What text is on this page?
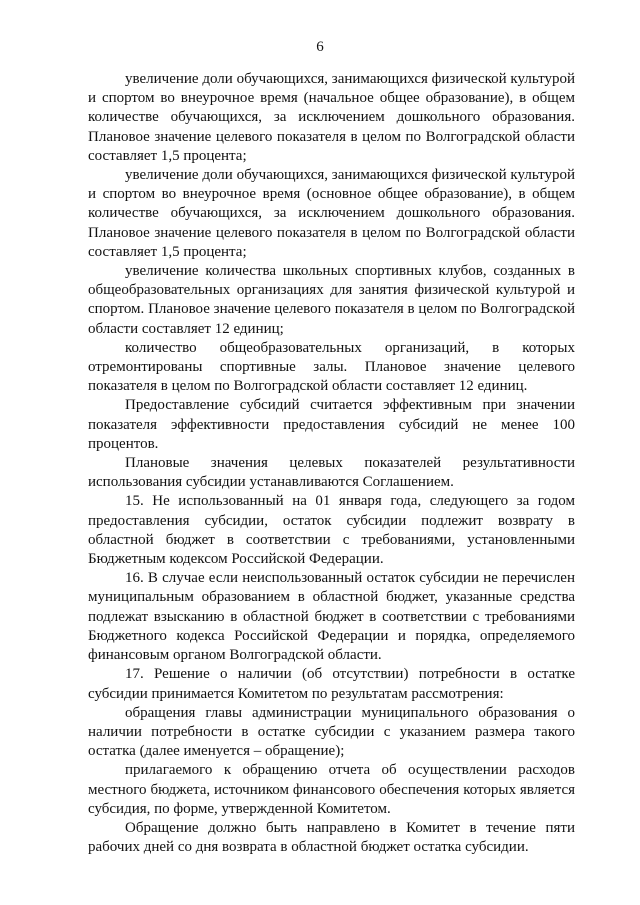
6

увеличение доли обучающихся, занимающихся физической культурой и спортом во внеурочное время (начальное общее образование), в общем количестве обучающихся, за исключением дошкольного образования. Плановое значение целевого показателя в целом по Волгоградской области составляет 1,5 процента;

увеличение доли обучающихся, занимающихся физической культурой и спортом во внеурочное время (основное общее образование), в общем количестве обучающихся, за исключением дошкольного образования. Плановое значение целевого показателя в целом по Волгоградской области составляет 1,5 процента;

увеличение количества школьных спортивных клубов, созданных в общеобразовательных организациях для занятия физической культурой и спортом. Плановое значение целевого показателя в целом по Волгоградской области составляет 12 единиц;

количество общеобразовательных организаций, в которых отремонтированы спортивные залы. Плановое значение целевого показателя в целом по Волгоградской области составляет 12 единиц.

Предоставление субсидий считается эффективным при значении показателя эффективности предоставления субсидий не менее 100 процентов.

Плановые значения целевых показателей результативности использования субсидии устанавливаются Соглашением.

15. Не использованный на 01 января года, следующего за годом предоставления субсидии, остаток субсидии подлежит возврату в областной бюджет в соответствии с требованиями, установленными Бюджетным кодексом Российской Федерации.

16. В случае если неиспользованный остаток субсидии не перечислен муниципальным образованием в областной бюджет, указанные средства подлежат взысканию в областной бюджет в соответствии с требованиями Бюджетного кодекса Российской Федерации и порядка, определяемого финансовым органом Волгоградской области.

17. Решение о наличии (об отсутствии) потребности в остатке субсидии принимается Комитетом по результатам рассмотрения:

обращения главы администрации муниципального образования о наличии потребности в остатке субсидии с указанием размера такого остатка (далее именуется – обращение);

прилагаемого к обращению отчета об осуществлении расходов местного бюджета, источником финансового обеспечения которых является субсидия, по форме, утвержденной Комитетом.

Обращение должно быть направлено в Комитет в течение пяти рабочих дней со дня возврата в областной бюджет остатка субсидии.
